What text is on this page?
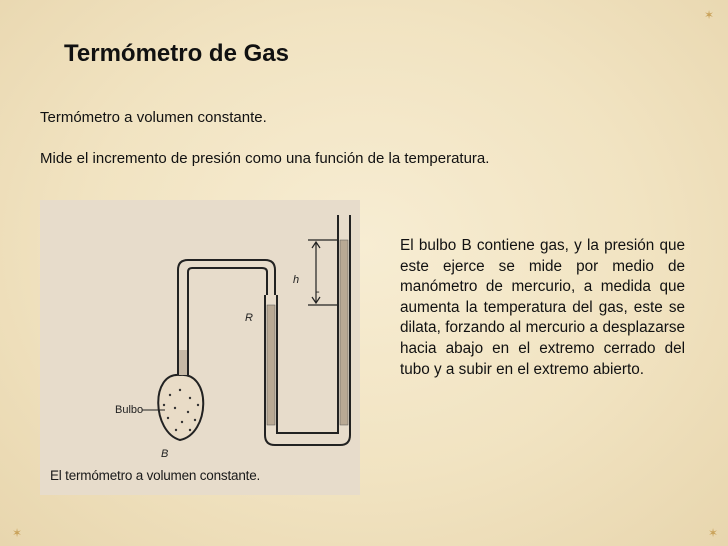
✶
✶	✶
Termómetro de Gas
Termómetro a volumen constante.
Mide el incremento de presión como una función de la temperatura.
Bulbo
B
R
h
-
El termómetro a volumen constante.
El bulbo B contiene gas, y la presión que este ejerce se mide por medio de manómetro de mercurio, a medida que aumenta la temperatura del gas, este se dilata, forzando al mercurio a desplazarse hacia abajo en el extremo cerrado del tubo y a subir en el extremo abierto.
